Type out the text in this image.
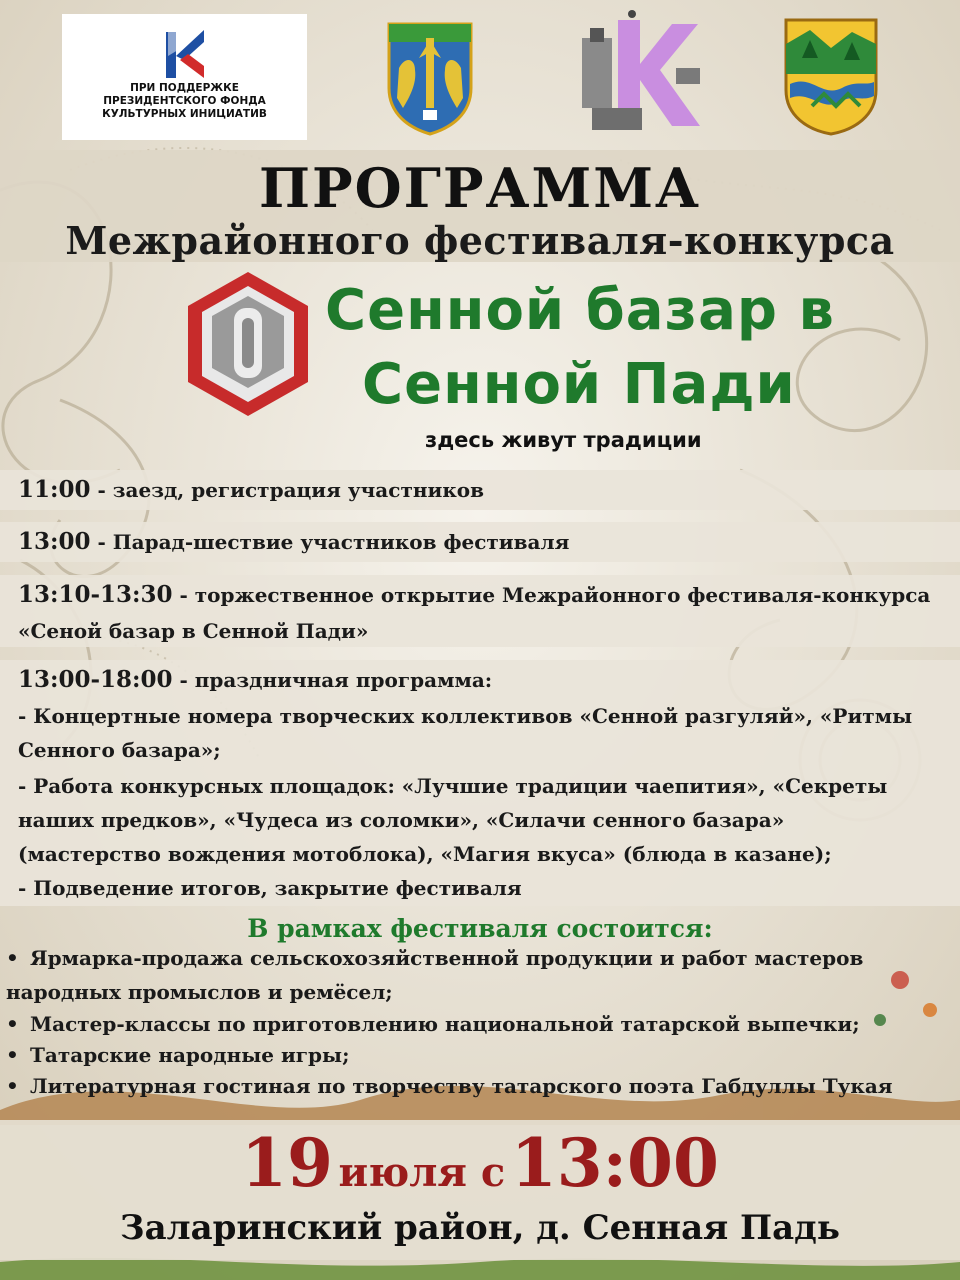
ПРИ ПОДДЕРЖКЕ
ПРЕЗИДЕНТСКОГО ФОНДА
КУЛЬТУРНЫХ ИНИЦИАТИВ
ПРОГРАММА
Межрайонного фестиваля-конкурса
Сенной базар в
Сенной Пади
здесь живут традиции
11:00 - заезд, регистрация участников
13:00 - Парад-шествие участников фестиваля
13:10-13:30 - торжественное открытие Межрайонного фестиваля-конкурса
«Сеной базар в Сенной Пади»
13:00-18:00 - праздничная программа:
- Концертные номера творческих коллективов «Сенной разгуляй», «Ритмы
Сенного базара»;
- Работа конкурсных площадок: «Лучшие традиции чаепития», «Секреты
наших предков», «Чудеса из соломки», «Силачи сенного базара»
(мастерство вождения мотоблока), «Магия вкуса» (блюда в казане);
- Подведение итогов, закрытие фестиваля
В рамках фестиваля состоится:
• Ярмарка-продажа сельскохозяйственной продукции и работ мастеров
народных промыслов и ремёсел;
• Мастер-классы по приготовлению национальной татарской выпечки;
• Татарские народные игры;
• Литературная гостиная по творчеству татарского поэта Габдуллы Тукая
19 июля с 13:00
Заларинский район, д. Сенная Падь
